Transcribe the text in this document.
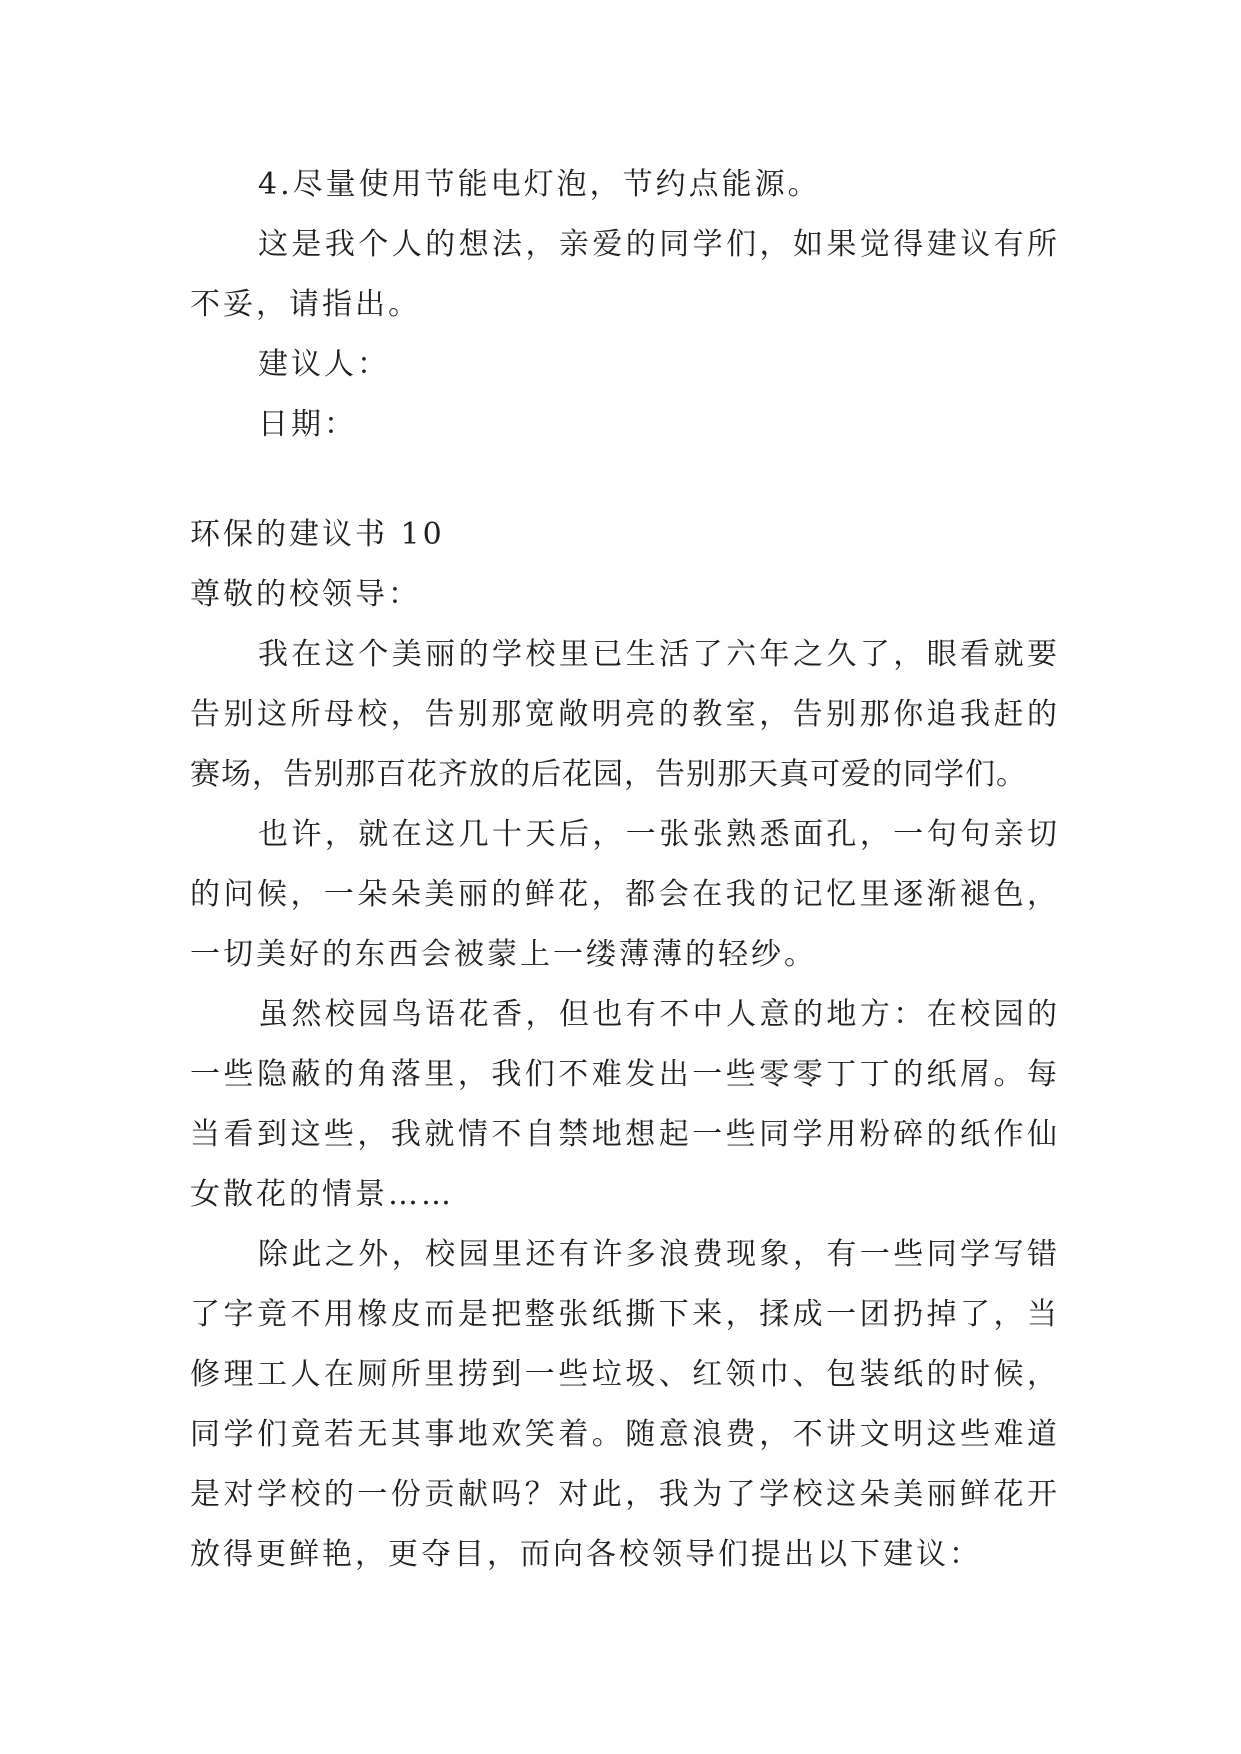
4.尽量使用节能电灯泡，节约点能源。

这是我个人的想法，亲爱的同学们，如果觉得建议有所

不妥，请指出。

建议人：

日期：

环保的建议书 10

尊敬的校领导：

我在这个美丽的学校里已生活了六年之久了，眼看就要

告别这所母校，告别那宽敞明亮的教室，告别那你追我赶的

赛场，告别那百花齐放的后花园，告别那天真可爱的同学们。

也许，就在这几十天后，一张张熟悉面孔，一句句亲切

的问候，一朵朵美丽的鲜花，都会在我的记忆里逐渐褪色，

一切美好的东西会被蒙上一缕薄薄的轻纱。

虽然校园鸟语花香，但也有不中人意的地方：在校园的

一些隐蔽的角落里，我们不难发出一些零零丁丁的纸屑。每

当看到这些，我就情不自禁地想起一些同学用粉碎的纸作仙

女散花的情景……

除此之外，校园里还有许多浪费现象，有一些同学写错

了字竟不用橡皮而是把整张纸撕下来，揉成一团扔掉了，当

修理工人在厕所里捞到一些垃圾、红领巾、包装纸的时候，

同学们竟若无其事地欢笑着。随意浪费，不讲文明这些难道

是对学校的一份贡献吗？对此，我为了学校这朵美丽鲜花开

放得更鲜艳，更夺目，而向各校领导们提出以下建议：
